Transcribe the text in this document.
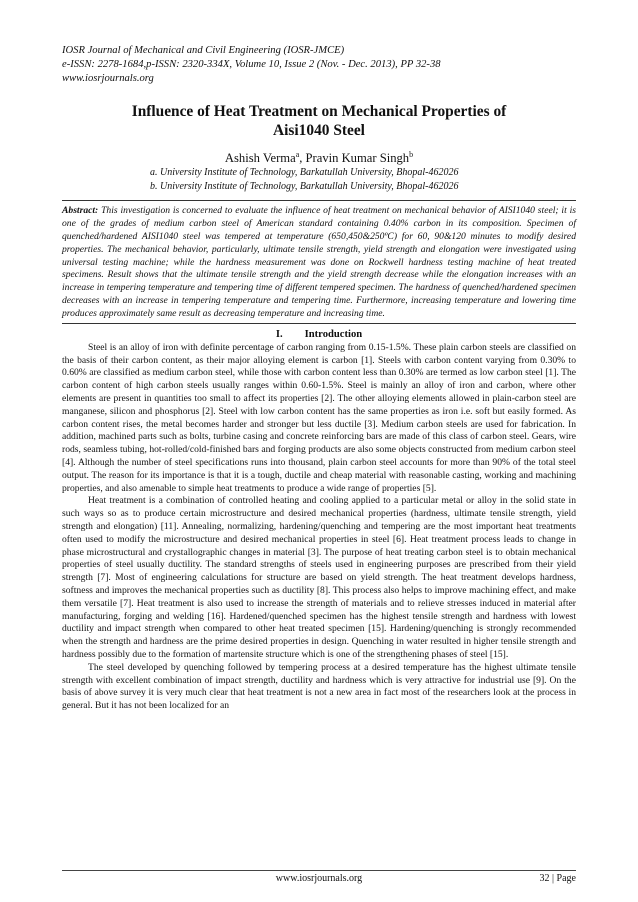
IOSR Journal of Mechanical and Civil Engineering (IOSR-JMCE)
e-ISSN: 2278-1684,p-ISSN: 2320-334X, Volume 10, Issue 2 (Nov. - Dec. 2013), PP 32-38
www.iosrjournals.org
Influence of Heat Treatment on Mechanical Properties of
Aisi1040 Steel
Ashish Verma$^a$, Pravin Kumar Singh$^b$
a. University Institute of Technology, Barkatullah University, Bhopal-462026
b. University Institute of Technology, Barkatullah University, Bhopal-462026
Abstract: This investigation is concerned to evaluate the influence of heat treatment on mechanical behavior of AISI1040 steel; it is one of the grades of medium carbon steel of American standard containing 0.40% carbon in its composition. Specimen of quenched/hardened AISI1040 steel was tempered at temperature (650,450&250ºC) for 60, 90&120 minutes to modify desired properties. The mechanical behavior, particularly, ultimate tensile strength, yield strength and elongation were investigated using universal testing machine; while the hardness measurement was done on Rockwell hardness testing machine of heat treated specimens. Result shows that the ultimate tensile strength and the yield strength decrease while the elongation increases with an increase in tempering temperature and tempering time of different tempered specimen. The hardness of quenched/hardened specimen decreases with an increase in tempering temperature and tempering time. Furthermore, increasing temperature and lowering time produces approximately same result as decreasing temperature and increasing time.
I. Introduction

Steel is an alloy of iron with definite percentage of carbon ranging from 0.15-1.5%. These plain carbon steels are classified on the basis of their carbon content, as their major alloying element is carbon [1]. Steels with carbon content varying from 0.30% to 0.60% are classified as medium carbon steel, while those with carbon content less than 0.30% are termed as low carbon steel [1]. The carbon content of high carbon steels usually ranges within 0.60-1.5%. Steel is mainly an alloy of iron and carbon, where other elements are present in quantities too small to affect its properties [2]. The other alloying elements allowed in plain-carbon steel are manganese, silicon and phosphorus [2]. Steel with low carbon content has the same properties as iron i.e. soft but easily formed. As carbon content rises, the metal becomes harder and stronger but less ductile [3]. Medium carbon steels are used for fabrication. In addition, machined parts such as bolts, turbine casing and concrete reinforcing bars are made of this class of carbon steel. Gears, wire rods, seamless tubing, hot-rolled/cold-finished bars and forging products are also some objects constructed from medium carbon steel [4]. Although the number of steel specifications runs into thousand, plain carbon steel accounts for more than 90% of the total steel output. The reason for its importance is that it is a tough, ductile and cheap material with reasonable casting, working and machining properties, and also amenable to simple heat treatments to produce a wide range of properties [5].

Heat treatment is a combination of controlled heating and cooling applied to a particular metal or alloy in the solid state in such ways so as to produce certain microstructure and desired mechanical properties (hardness, ultimate tensile strength, yield strength and elongation) [11]. Annealing, normalizing, hardening/quenching and tempering are the most important heat treatments often used to modify the microstructure and desired mechanical properties in steel [6]. Heat treatment process leads to change in phase microstructural and crystallographic changes in material [3]. The purpose of heat treating carbon steel is to obtain mechanical properties of steel usually ductility. The standard strengths of steels used in engineering purposes are prescribed from their yield strength [7]. Most of engineering calculations for structure are based on yield strength. The heat treatment develops hardness, softness and improves the mechanical properties such as ductility [8]. This process also helps to improve machining effect, and make them versatile [7]. Heat treatment is also used to increase the strength of materials and to relieve stresses induced in material after manufacturing, forging and welding [16]. Hardened/quenched specimen has the highest tensile strength and hardness with lowest ductility and impact strength when compared to other heat treated specimen [15]. Hardening/quenching is strongly recommended when the strength and hardness are the prime desired properties in design. Quenching in water resulted in higher tensile strength and hardness possibly due to the formation of martensite structure which is one of the strengthening phases of steel [15].

The steel developed by quenching followed by tempering process at a desired temperature has the highest ultimate tensile strength with excellent combination of impact strength, ductility and hardness which is very attractive for industrial use [9]. On the basis of above survey it is very much clear that heat treatment is not a new area in fact most of the researchers look at the process in general. But it has not been localized for an

www.iosrjournals.org	32 | Page
